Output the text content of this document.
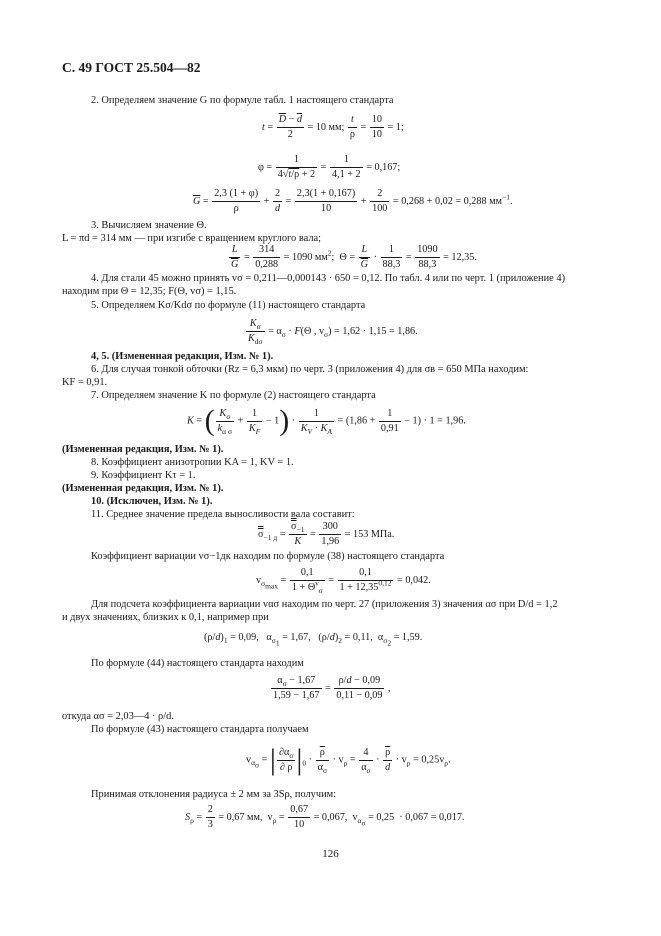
С. 49 ГОСТ 25.504—82
2. Определяем значение G по формуле табл. 1 настоящего стандарта
$t = \frac{\overline{D} - \overline{d}}{2} = 10$ мм; $\frac{t}{\rho} = \frac{10}{10} = 1$;
$\varphi = \frac{1}{4√t/\rho + 2} = \frac{1}{4,1 + 2} = 0,167$;
$\overline{G} = \frac{2,3 (1 + \varphi)}{\rho} + \frac{2}{d} = \frac{2,3(1 + 0,167)}{10} + \frac{2}{100} = 0,268 + 0,02 = 0,288$ $мм^{-1}$.
3. Вычисляем значение Θ.
L = πd = 314 мм — при изгибе с вращением круглого вала;
$\frac{L}{G} = \frac{314}{0,288} = 1090$ $мм^2$;  $\Theta = \frac{L}{G} \cdot \frac{1}{88,3} = \frac{1090}{88,3} = 12,35$.
4. Для стали 45 можно принять vσ = 0,211—0,000143 · 650 = 0,12. По табл. 4 или по черт. 1 (приложение 4)
находим при Θ = 12,35; F(Θ, vσ) = 1,15.
5. Определяем Kσ/Kdσ по формуле (11) настоящего стандарта
$K_\sigma$
$K_{d\sigma}$
= $\alpha_\sigma \cdot F(\Theta$ , $v_\sigma) = 1,62 \cdot 1,15 = 1,86$.
4, 5. (Измененная редакция, Изм. № 1).
6. Для случая тонкой обточки (Rz = 6,3 мкм) по черт. 3 (приложения 4) для σв = 650 МПа находим:
KF = 0,91.
7. Определяем значение K по формуле (2) настоящего стандарта
K = ( $\frac{K_\sigma}{k_{\alpha \sigma}} + \frac{1}{K_F} - 1) \cdot \frac{1}{K_V \cdot K_A} = (1,86 + \frac{1}{0,91} - 1) \cdot 1 = 1,96$.
(Измененная редакция, Изм. № 1).
8. Коэффициент анизотропии KA = 1, KV = 1.
9. Коэффициент Kτ = 1.
(Измененная редакция, Изм. № 1).
10. (Исключен, Изм. № 1).
11. Среднее значение предела выносливости вала составит:
$\sigma_{-1 д} = \frac{\sigma_{-1}}{K} = \frac{300}{1,96} = 153$ МПа.
Коэффициент вариации vσ−1дк находим по формуле (38) настоящего стандарта
$v_{\sigma_{max}}$ =
0,1
$1 + \Theta^\nu_\sigma$
= $\frac{0,1}{1 + 12,35^{0,12}} = 0,042$.
Для подсчета коэффициента вариации vασ находим по черт. 27 (приложения 3) значения ασ при D/d = 1,2
и двух значениях, близких к 0,1, например при
$(\rho/d)_1 = 0,09$,   $\alpha_{\sigma_1} = 1,67$,   $(\rho/d)_2 = 0,11$,  $\alpha_{\sigma_2} = 1,59$.
По формуле (44) настоящего стандарта находим
$\frac{\alpha_\sigma - 1,67}{1,59 - 1,67} = \frac{\rho/d - 0,09}{0,11 - 0,09}$ ,
откуда ασ = 2,03—4 · ρ/d.
По формуле (43) настоящего стандарта получаем
$v_{\alpha_\sigma}$ = | $\frac{\partial\alpha_\sigma}{\partial \rho} |_0 \cdot \frac{\overline{\rho}}{\alpha_\sigma} \cdot v_\rho = \frac{4}{\alpha_\sigma} \cdot \frac{\overline{\rho}}{d} \cdot v_\rho = 0,25v_\rho$.
Принимая отклонения радиуса ± 2 мм за 3Sρ, получим:
$S_\rho = \frac{2}{3} = 0,67$ мм,  $v_\rho = \frac{0,67}{10} = 0,067$,  $v_{\alpha_\sigma} = 0,25 \cdot 0,067 = 0,017$.
126
